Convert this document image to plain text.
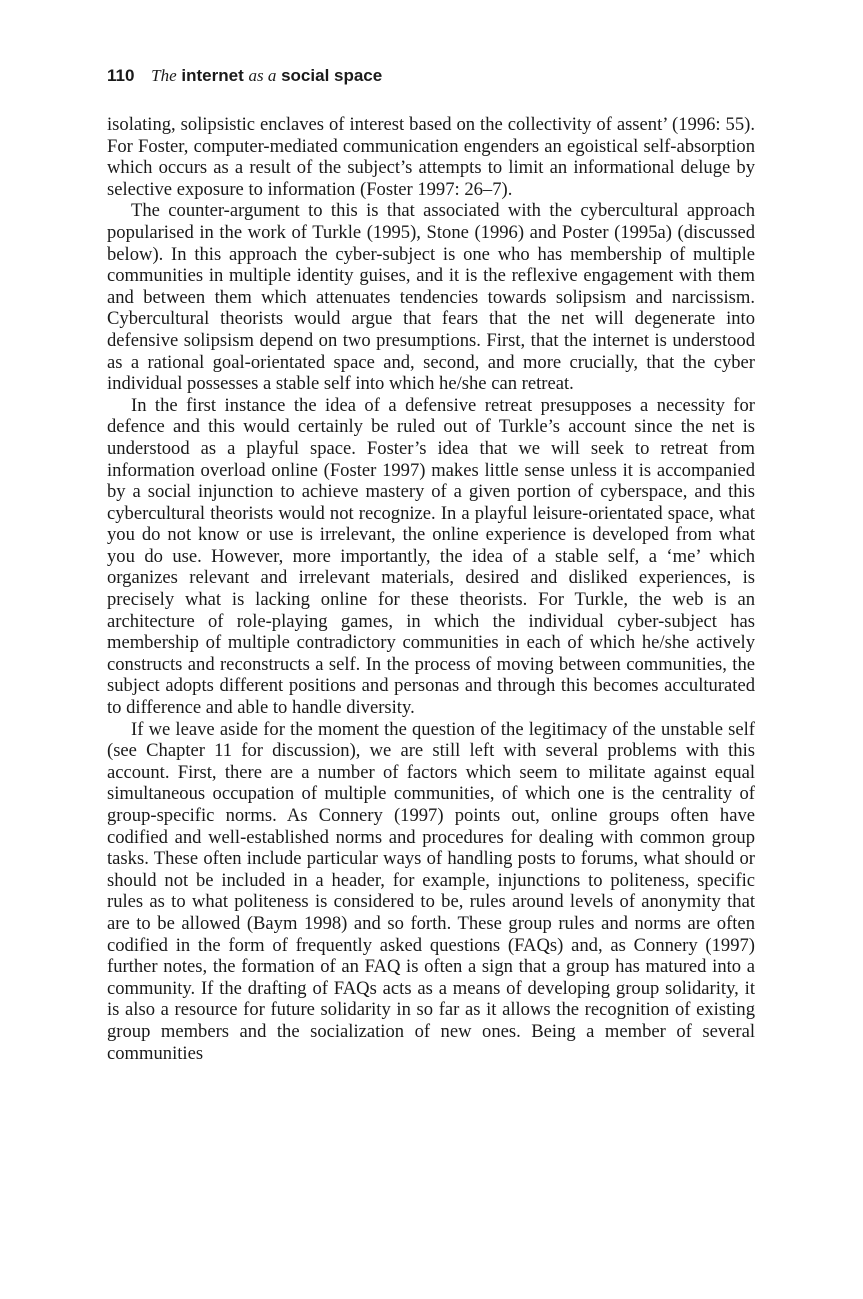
110 The internet as a social space

isolating, solipsistic enclaves of interest based on the collectivity of assent’ (1996: 55). For Foster, computer-mediated communication engenders an egoistical self-absorption which occurs as a result of the subject’s attempts to limit an informational deluge by selective exposure to information (Foster 1997: 26–7).

The counter-argument to this is that associated with the cybercultural approach popularised in the work of Turkle (1995), Stone (1996) and Poster (1995a) (discussed below). In this approach the cyber-subject is one who has membership of multiple communities in multiple identity guises, and it is the reflexive engagement with them and between them which attenuates tendencies towards solipsism and narcissism. Cybercultural theorists would argue that fears that the net will degenerate into defensive solipsism depend on two presumptions. First, that the internet is understood as a rational goal-orientated space and, second, and more crucially, that the cyber individual possesses a stable self into which he/she can retreat.

In the first instance the idea of a defensive retreat presupposes a necessity for defence and this would certainly be ruled out of Turkle’s account since the net is understood as a playful space. Foster’s idea that we will seek to retreat from information overload online (Foster 1997) makes little sense unless it is accompanied by a social injunction to achieve mastery of a given portion of cyberspace, and this cybercultural theorists would not recognize. In a playful leisure-orientated space, what you do not know or use is irrelevant, the online experience is developed from what you do use. However, more importantly, the idea of a stable self, a ‘me’ which organizes relevant and irrelevant materials, desired and disliked experiences, is precisely what is lacking online for these theorists. For Turkle, the web is an architecture of role-playing games, in which the individual cyber-subject has membership of multiple contradictory communities in each of which he/she actively constructs and reconstructs a self. In the process of moving between communities, the subject adopts different positions and personas and through this becomes acculturated to difference and able to handle diversity.

If we leave aside for the moment the question of the legitimacy of the unstable self (see Chapter 11 for discussion), we are still left with several problems with this account. First, there are a number of factors which seem to militate against equal simultaneous occupation of multiple communities, of which one is the centrality of group-specific norms. As Connery (1997) points out, online groups often have codified and well-established norms and procedures for dealing with common group tasks. These often include particular ways of handling posts to forums, what should or should not be included in a header, for example, injunctions to politeness, specific rules as to what politeness is considered to be, rules around levels of anonymity that are to be allowed (Baym 1998) and so forth. These group rules and norms are often codified in the form of frequently asked questions (FAQs) and, as Connery (1997) further notes, the formation of an FAQ is often a sign that a group has matured into a community. If the drafting of FAQs acts as a means of developing group solidarity, it is also a resource for future solidarity in so far as it allows the recognition of existing group members and the socialization of new ones. Being a member of several communities
